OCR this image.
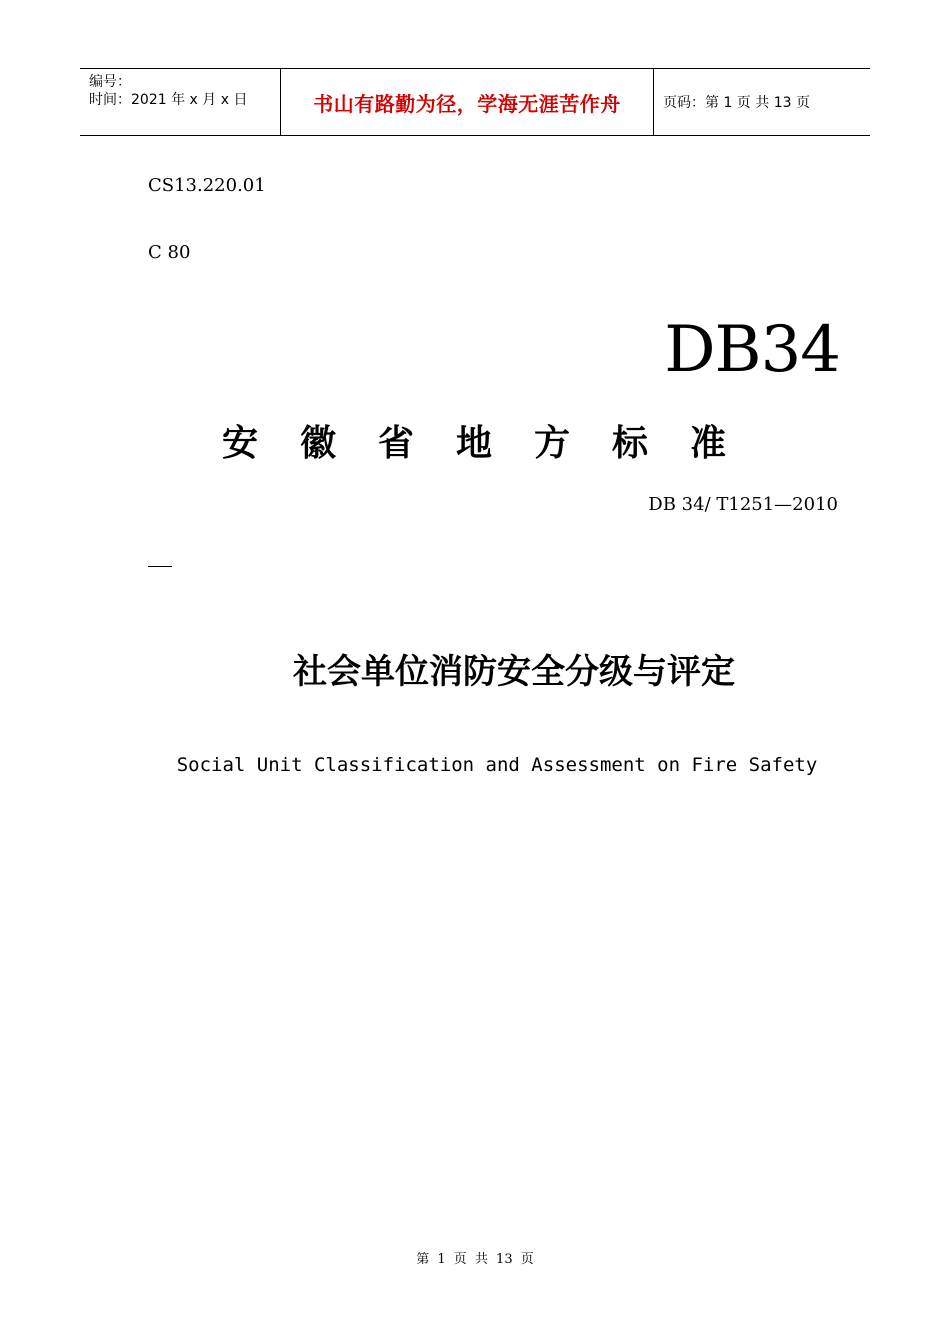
编号：
时间：2021 年 x 月 x 日	书山有路勤为径，学海无涯苦作舟	页码：第 1 页 共 13 页
CS13.220.01
C 80
DB34
安徽省地方标准
DB 34/ T1251—2010
社会单位消防安全分级与评定
Social Unit Classification and Assessment on Fire Safety
第 1 页 共 13 页
